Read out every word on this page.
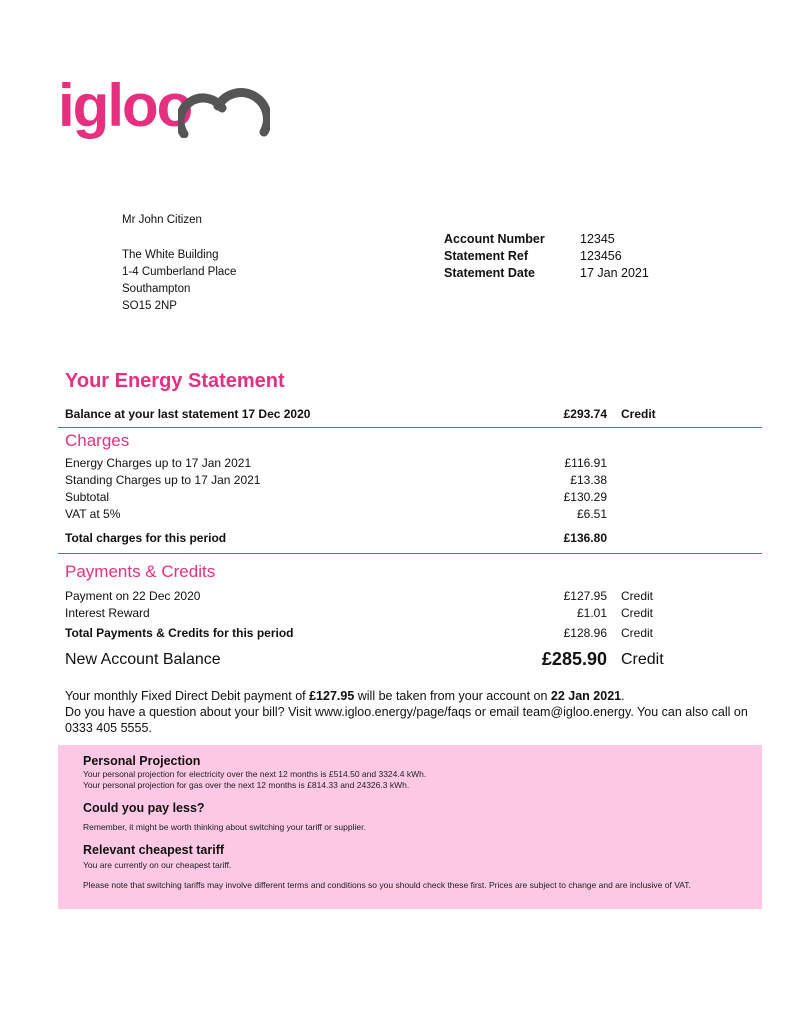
igloo
Mr John Citizen
The White Building
1-4 Cumberland Place
Southampton
SO15 2NP
Account Number	12345
Statement Ref	123456
Statement Date	17 Jan 2021
Your Energy Statement
Balance at your last statement 17 Dec 2020	£293.74 Credit
Charges
Energy Charges up to 17 Jan 2021	£116.91
Standing Charges up to 17 Jan 2021	£13.38
Subtotal	£130.29
VAT at 5%	£6.51
Total charges for this period	£136.80
Payments & Credits
Payment on 22 Dec 2020	£127.95 Credit
Interest Reward	£1.01 Credit
Total Payments & Credits for this period	£128.96 Credit
New Account Balance	£285.90 Credit
Your monthly Fixed Direct Debit payment of £127.95 will be taken from your account on 22 Jan 2021.
Do you have a question about your bill? Visit www.igloo.energy/page/faqs or email team@igloo.energy. You can also call on 0333 405 5555.
Personal Projection
Your personal projection for electricity over the next 12 months is £514.50 and 3324.4 kWh.
Your personal projection for gas over the next 12 months is £814.33 and 24326.3 kWh.
Could you pay less?
Remember, it might be worth thinking about switching your tariff or supplier.
Relevant cheapest tariff
You are currently on our cheapest tariff.
Please note that switching tariffs may involve different terms and conditions so you should check these first. Prices are subject to change and are inclusive of VAT.
